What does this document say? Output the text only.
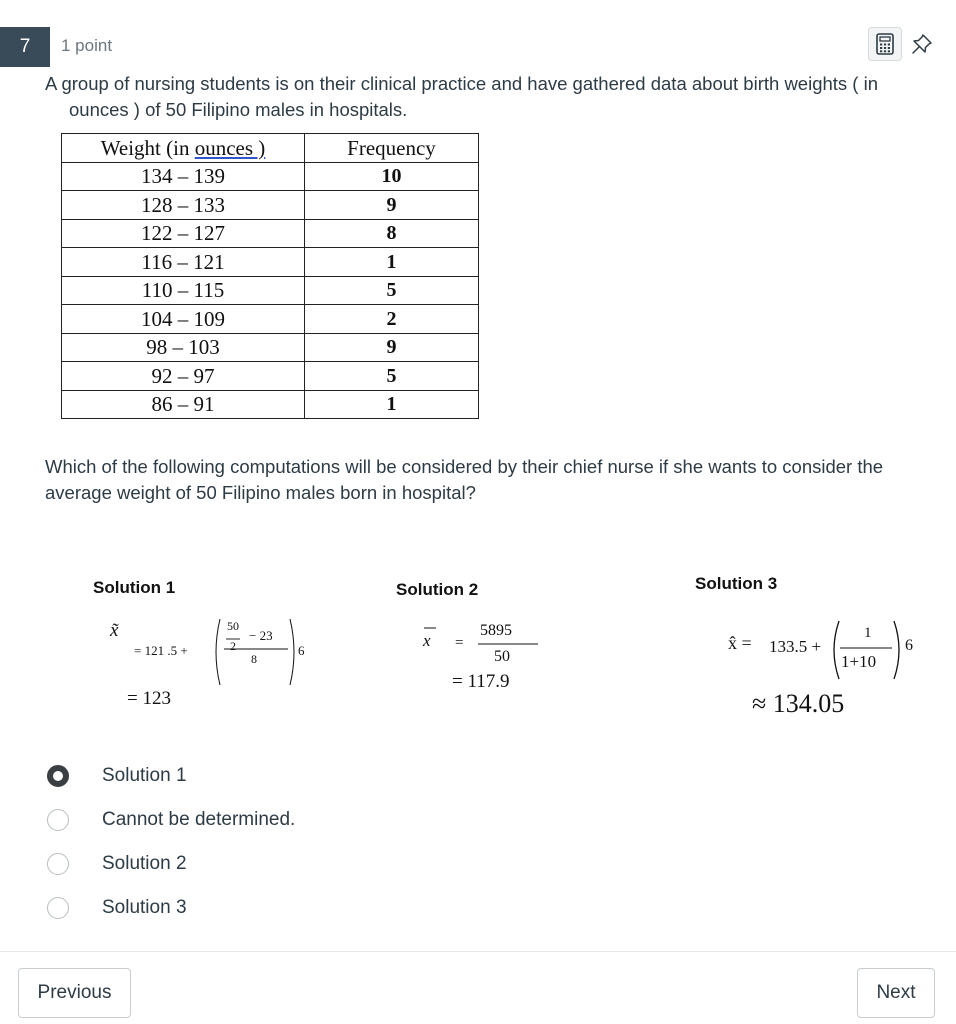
7	1 point
A group of nursing students is on their clinical practice and have gathered data about birth weights ( in
ounces ) of 50 Filipino males in hospitals.
Weight (in ounces )	Frequency
134 – 139	10
128 – 133	9
122 – 127	8
116 – 121	1
110 – 115	5
104 – 109	2
98 – 103	9
92 – 97	5
86 – 91	1
Which of the following computations will be considered by their chief nurse if she wants to consider the average weight of 50 Filipino males born in hospital?
Solution 1
x̃
= 121 .5 +
50
2
− 23
8
6
= 123
Solution 2
x =
5895
50
= 117.9
Solution 3
x̂ = 133.5 +
1
1+10
6
≈ 134.05
Solution 1
Cannot be determined.
Solution 2
Solution 3
Previous	Next
